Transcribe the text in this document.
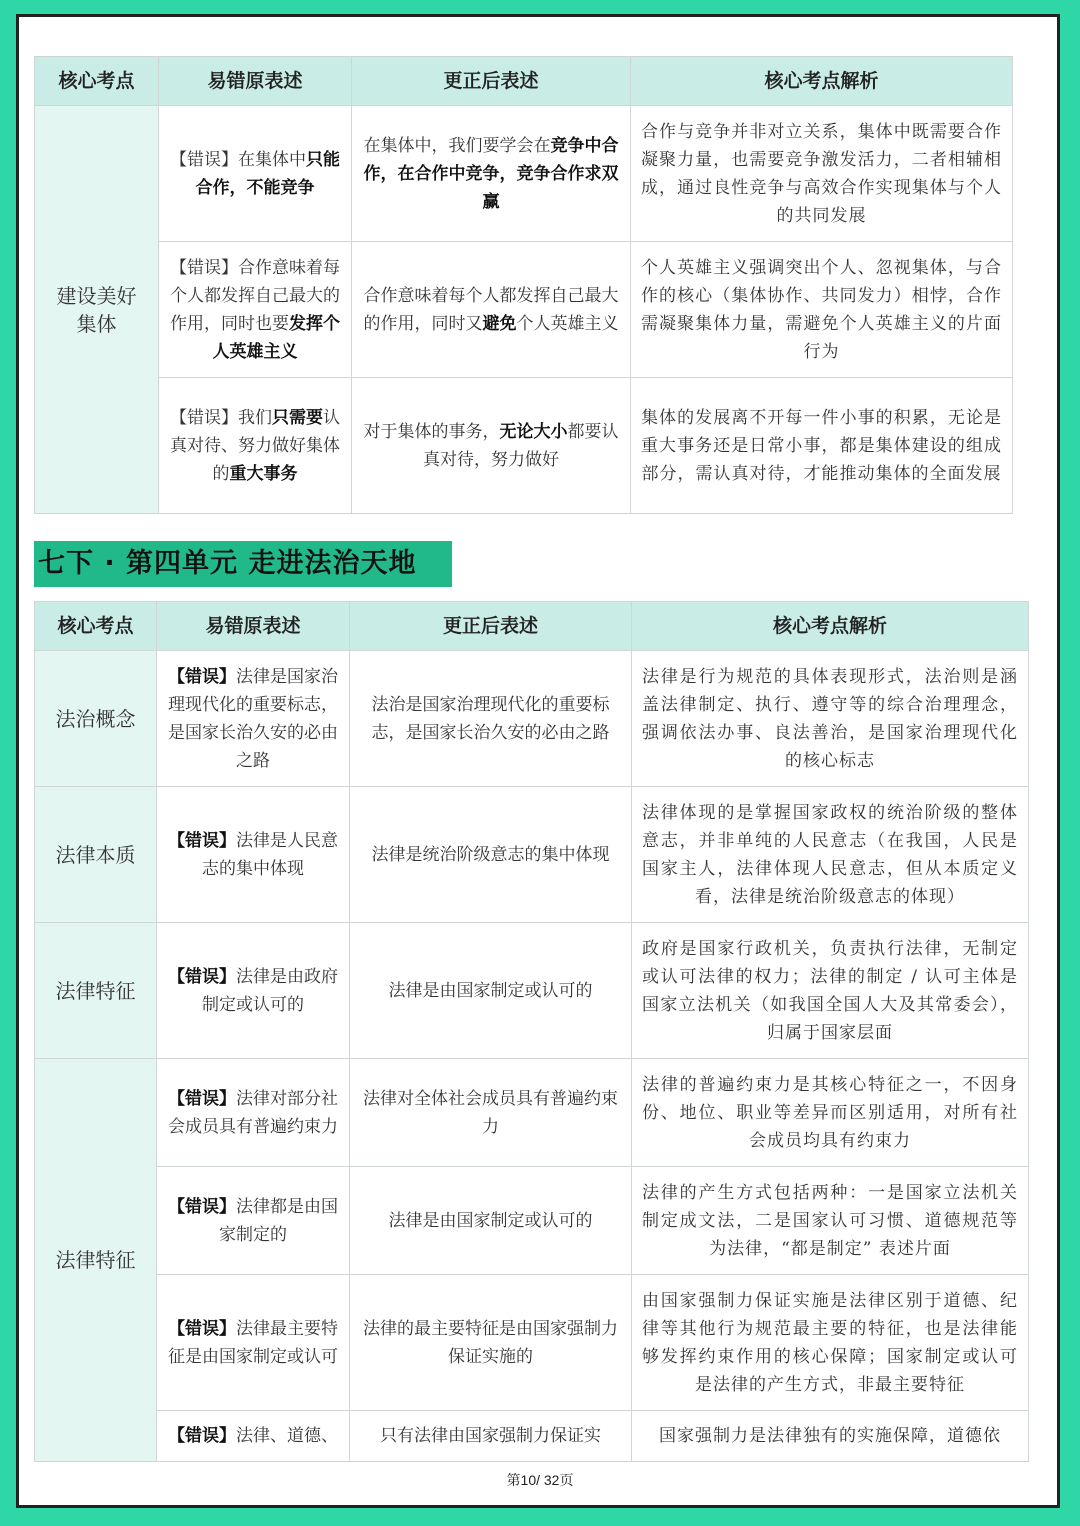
核心考点	易错原表述	更正后表述	核心考点解析
建设美好集体	【错误】在集体中只能合作，不能竞争	在集体中，我们要学会在竞争中合作，在合作中竞争，竞争合作求双赢	合作与竞争并非对立关系，集体中既需要合作凝聚力量，也需要竞争激发活力，二者相辅相成，通过良性竞争与高效合作实现集体与个人的共同发展
	【错误】合作意味着每个人都发挥自己最大的作用，同时也要发挥个人英雄主义	合作意味着每个人都发挥自己最大的作用，同时又避免个人英雄主义	个人英雄主义强调突出个人、忽视集体，与合作的核心（集体协作、共同发力）相悖，合作需凝聚集体力量，需避免个人英雄主义的片面行为
	【错误】我们只需要认真对待、努力做好集体的重大事务	对于集体的事务，无论大小都要认真对待，努力做好	集体的发展离不开每一件小事的积累，无论是重大事务还是日常小事，都是集体建设的组成部分，需认真对待，才能推动集体的全面发展
七下 · 第四单元 走进法治天地
核心考点	易错原表述	更正后表述	核心考点解析
法治概念	【错误】法律是国家治理现代化的重要标志，是国家长治久安的必由之路	法治是国家治理现代化的重要标志，是国家长治久安的必由之路	法律是行为规范的具体表现形式，法治则是涵盖法律制定、执行、遵守等的综合治理理念，强调依法办事、良法善治，是国家治理现代化的核心标志
法律本质	【错误】法律是人民意志的集中体现	法律是统治阶级意志的集中体现	法律体现的是掌握国家政权的统治阶级的整体意志，并非单纯的人民意志（在我国，人民是国家主人，法律体现人民意志，但从本质定义看，法律是统治阶级意志的体现）
法律特征	【错误】法律是由政府制定或认可的	法律是由国家制定或认可的	政府是国家行政机关，负责执行法律，无制定或认可法律的权力；法律的制定 / 认可主体是国家立法机关（如我国全国人大及其常委会），归属于国家层面
法律特征	【错误】法律对部分社会成员具有普遍约束力	法律对全体社会成员具有普遍约束力	法律的普遍约束力是其核心特征之一，不因身份、地位、职业等差异而区别适用，对所有社会成员均具有约束力
	【错误】法律都是由国家制定的	法律是由国家制定或认可的	法律的产生方式包括两种：一是国家立法机关制定成文法，二是国家认可习惯、道德规范等为法律，“都是制定” 表述片面
	【错误】法律最主要特征是由国家制定或认可	法律的最主要特征是由国家强制力保证实施的	由国家强制力保证实施是法律区别于道德、纪律等其他行为规范最主要的特征，也是法律能够发挥约束作用的核心保障；国家制定或认可是法律的产生方式，非最主要特征
	【错误】法律、道德、	只有法律由国家强制力保证实	国家强制力是法律独有的实施保障，道德依
第10/ 32页
